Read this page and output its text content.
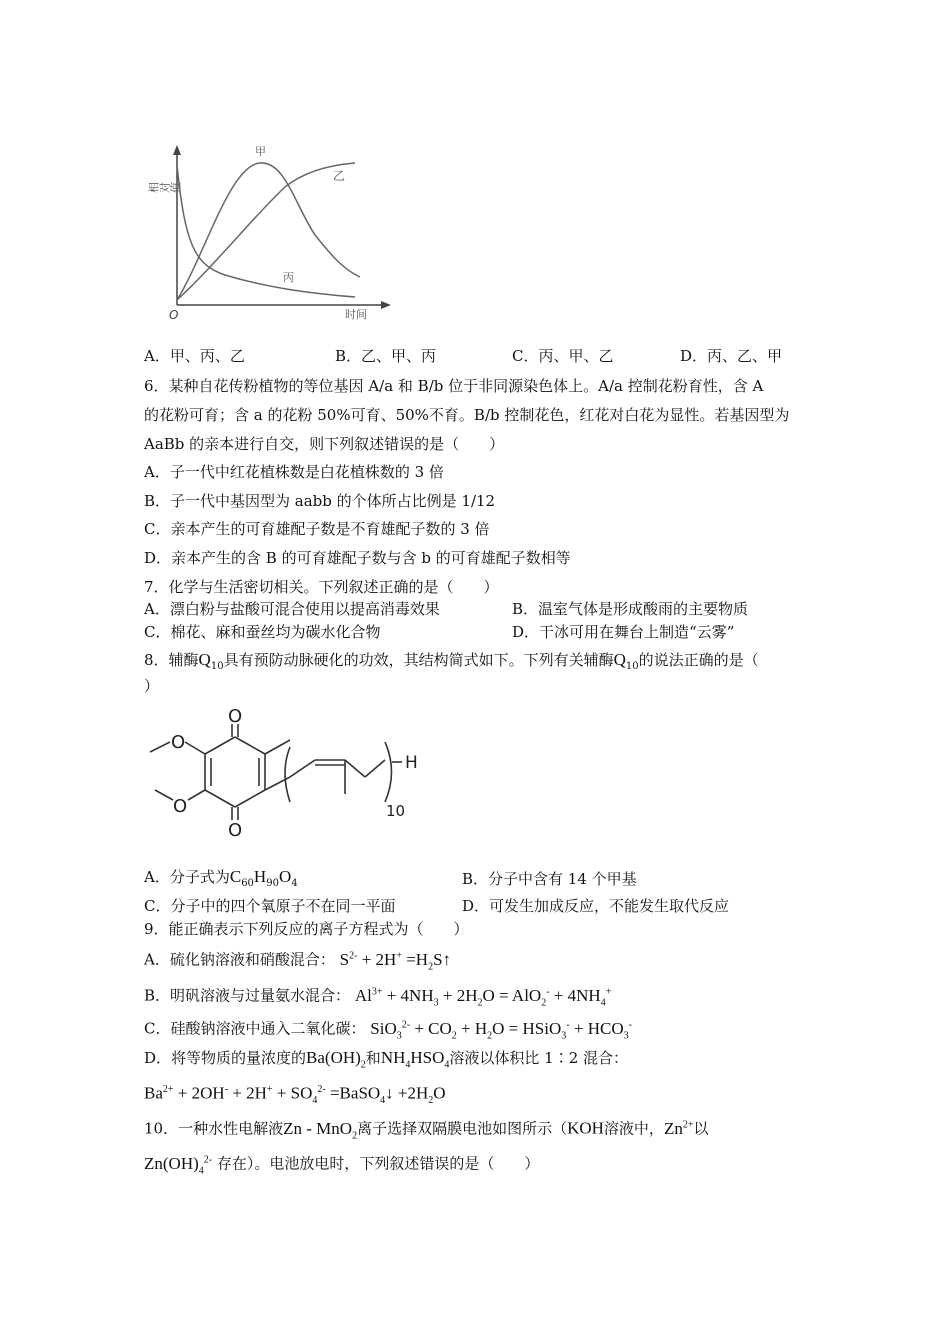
相对值
O	时间
甲
乙
丙
A．甲、丙、乙	B．乙、甲、丙	C．丙、甲、乙	D．丙、乙、甲
6．某种自花传粉植物的等位基因 A/a 和 B/b 位于非同源染色体上。A/a 控制花粉育性，含 A
的花粉可育；含 a 的花粉 50%可育、50%不育。B/b 控制花色，红花对白花为显性。若基因型为
AaBb 的亲本进行自交，则下列叙述错误的是（　　）
A．子一代中红花植株数是白花植株数的 3 倍
B．子一代中基因型为 aabb 的个体所占比例是 1/12
C．亲本产生的可育雄配子数是不育雄配子数的 3 倍
D．亲本产生的含 B 的可育雄配子数与含 b 的可育雄配子数相等
7．化学与生活密切相关。下列叙述正确的是（　　）
A．漂白粉与盐酸可混合使用以提高消毒效果	B．温室气体是形成酸雨的主要物质
C．棉花、麻和蚕丝均为碳水化合物	D．干冰可用在舞台上制造“云雾”
8．辅酶$Q_{10}$具有预防动脉硬化的功效，其结构简式如下。下列有关辅酶$Q_{10}$的说法正确的是（
）
O
O
O
O
H
10
A．分子式为$C_{60}H_{90}O_4$	B．分子中含有 14 个甲基
C．分子中的四个氧原子不在同一平面	D．可发生加成反应，不能发生取代反应
9．能正确表示下列反应的离子方程式为（　　）
A．硫化钠溶液和硝酸混合： $S^{2-} + 2H^+$ $=H_2S↑$
B．明矾溶液与过量氨水混合： $Al^{3+} + 4NH_3 + 2H_2O = AlO_2^- + 4NH_4^+$
C．硅酸钠溶液中通入二氧化碳： $SiO_3^{2-} + CO_2 + H_2O$ = HSiO$_3$- + $HCO_3^-$
D．将等物质的量浓度的$Ba(OH)_2$和$NH_4HSO_4$溶液以体积比 1∶2 混合：
$Ba^{2+} + 2OH^- + 2H^+ + SO_4^{2-}$ =BaSO$_4$↓ $+2H_2O$
10．一种水性电解液Zn - MnO$_2$离子选择双隔膜电池如图所示（KOH溶液中，$Zn^{2+}$以
$Zn(OH)_4^{2-}$ 存在）。电池放电时，下列叙述错误的是（　　）
